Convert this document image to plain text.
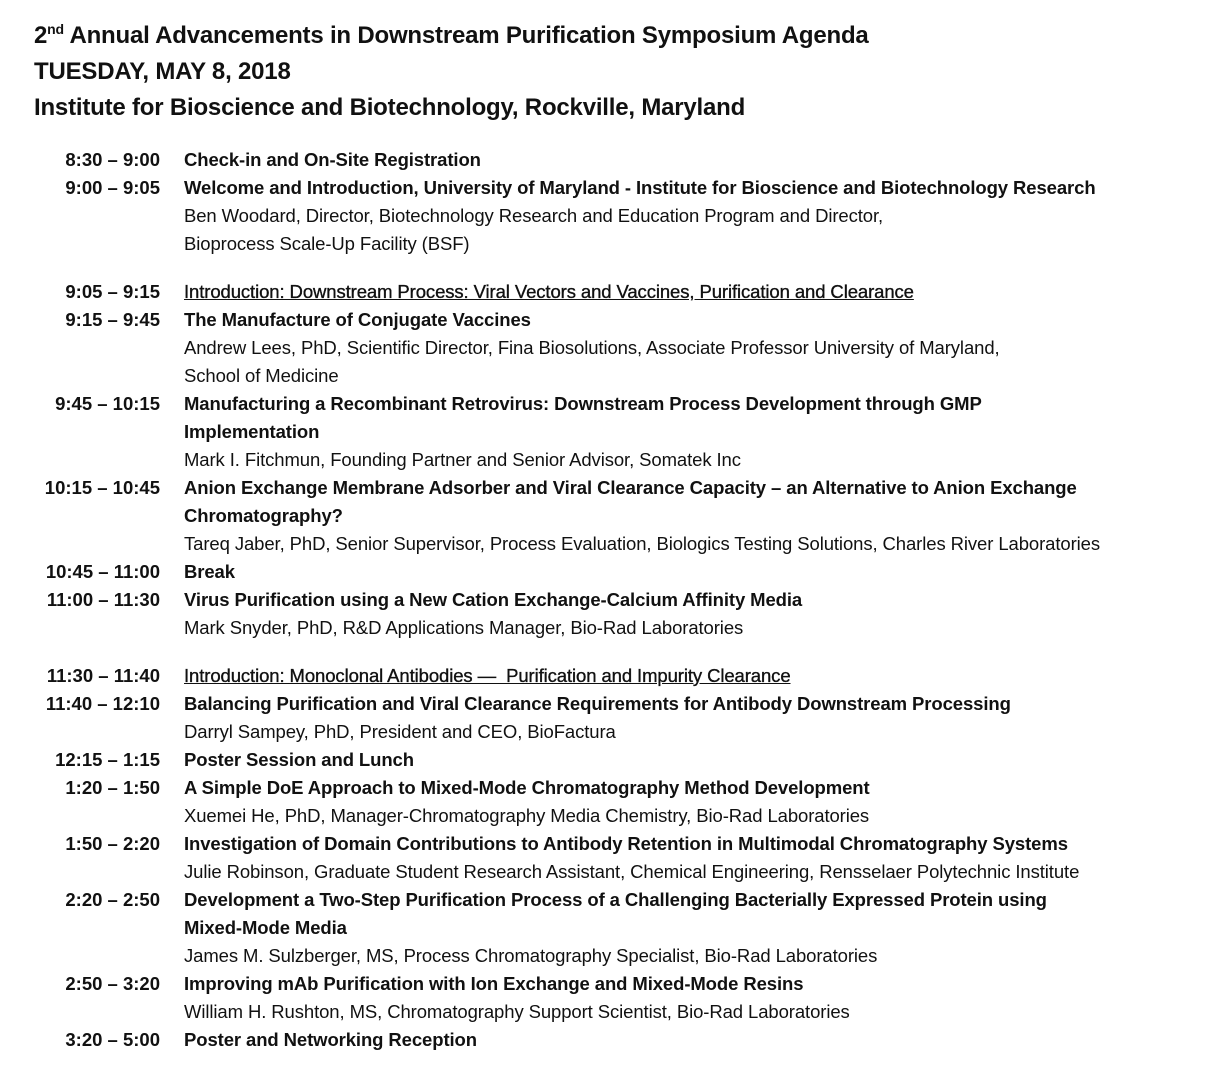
2nd Annual Advancements in Downstream Purification Symposium Agenda
TUESDAY, MAY 8, 2018
Institute for Bioscience and Biotechnology, Rockville, Maryland
8:30 – 9:00 Check-in and On-Site Registration
9:00 – 9:05 Welcome and Introduction, University of Maryland - Institute for Bioscience and Biotechnology Research
Ben Woodard, Director, Biotechnology Research and Education Program and Director,
Bioprocess Scale-Up Facility (BSF)
9:05 – 9:15 Introduction: Downstream Process: Viral Vectors and Vaccines, Purification and Clearance
9:15 – 9:45 The Manufacture of Conjugate Vaccines
Andrew Lees, PhD, Scientific Director, Fina Biosolutions, Associate Professor University of Maryland,
School of Medicine
9:45 – 10:15 Manufacturing a Recombinant Retrovirus: Downstream Process Development through GMP
Implementation
Mark I. Fitchmun, Founding Partner and Senior Advisor, Somatek Inc
10:15 – 10:45 Anion Exchange Membrane Adsorber and Viral Clearance Capacity – an Alternative to Anion Exchange
Chromatography?
Tareq Jaber, PhD, Senior Supervisor, Process Evaluation, Biologics Testing Solutions, Charles River Laboratories
10:45 – 11:00 Break
11:00 – 11:30 Virus Purification using a New Cation Exchange-Calcium Affinity Media
Mark Snyder, PhD, R&D Applications Manager, Bio-Rad Laboratories
11:30 – 11:40 Introduction: Monoclonal Antibodies —  Purification and Impurity Clearance
11:40 – 12:10 Balancing Purification and Viral Clearance Requirements for Antibody Downstream Processing
Darryl Sampey, PhD, President and CEO, BioFactura
12:15 – 1:15 Poster Session and Lunch
1:20 – 1:50 A Simple DoE Approach to Mixed-Mode Chromatography Method Development
Xuemei He, PhD, Manager-Chromatography Media Chemistry, Bio-Rad Laboratories
1:50 – 2:20 Investigation of Domain Contributions to Antibody Retention in Multimodal Chromatography Systems
Julie Robinson, Graduate Student Research Assistant, Chemical Engineering, Rensselaer Polytechnic Institute
2:20 – 2:50 Development a Two-Step Purification Process of a Challenging Bacterially Expressed Protein using
Mixed-Mode Media
James M. Sulzberger, MS, Process Chromatography Specialist, Bio-Rad Laboratories
2:50 – 3:20 Improving mAb Purification with Ion Exchange and Mixed-Mode Resins
William H. Rushton, MS, Chromatography Support Scientist, Bio-Rad Laboratories
3:20 – 5:00 Poster and Networking Reception
